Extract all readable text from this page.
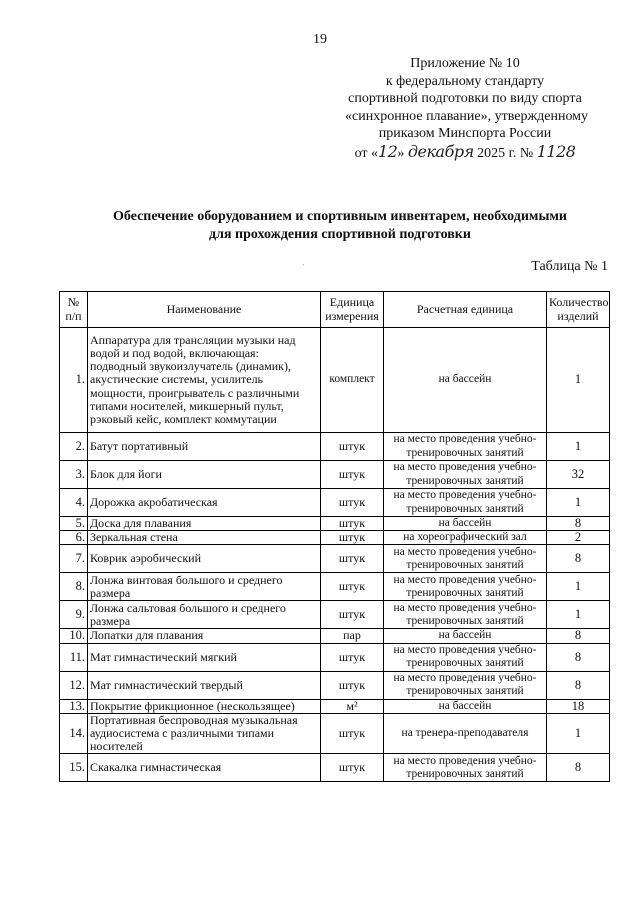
19
Приложение № 10
к федеральному стандарту
спортивной подготовки по виду спорта
«синхронное плавание», утвержденному
приказом Минспорта России
от «12» декабря 2025 г. № 1128
Обеспечение оборудованием и спортивным инвентарем, необходимыми
для прохождения спортивной подготовки
Таблица № 1
´
№ п/п	Наименование	Единица измерения	Расчетная единица	Количество изделий
1.	Аппаратура для трансляции музыки над водой и под водой, включающая: подводный звукоизлучатель (динамик), акустические системы, усилитель мощности, проигрыватель с различными типами носителей, микшерный пульт, рэковый кейс, комплект коммутации	комплект	на бассейн	1
2.	Батут портативный	штук	на место проведения учебно-тренировочных занятий	1
3.	Блок для йоги	штук	на место проведения учебно-тренировочных занятий	32
4.	Дорожка акробатическая	штук	на место проведения учебно-тренировочных занятий	1
5.	Доска для плавания	штук	на бассейн	8
6.	Зеркальная стена	штук	на хореографический зал	2
7.	Коврик аэробический	штук	на место проведения учебно-тренировочных занятий	8
8.	Лонжа винтовая большого и среднего размера	штук	на место проведения учебно-тренировочных занятий	1
9.	Лонжа сальтовая большого и среднего размера	штук	на место проведения учебно-тренировочных занятий	1
10.	Лопатки для плавания	пар	на бассейн	8
11.	Мат гимнастический мягкий	штук	на место проведения учебно-тренировочных занятий	8
12.	Мат гимнастический твердый	штук	на место проведения учебно-тренировочных занятий	8
13.	Покрытие фрикционное (нескользящее)	м²	на бассейн	18
14.	Портативная беспроводная музыкальная аудиосистема с различными типами носителей	штук	на тренера-преподавателя	1
15.	Скакалка гимнастическая	штук	на место проведения учебно-тренировочных занятий	8
